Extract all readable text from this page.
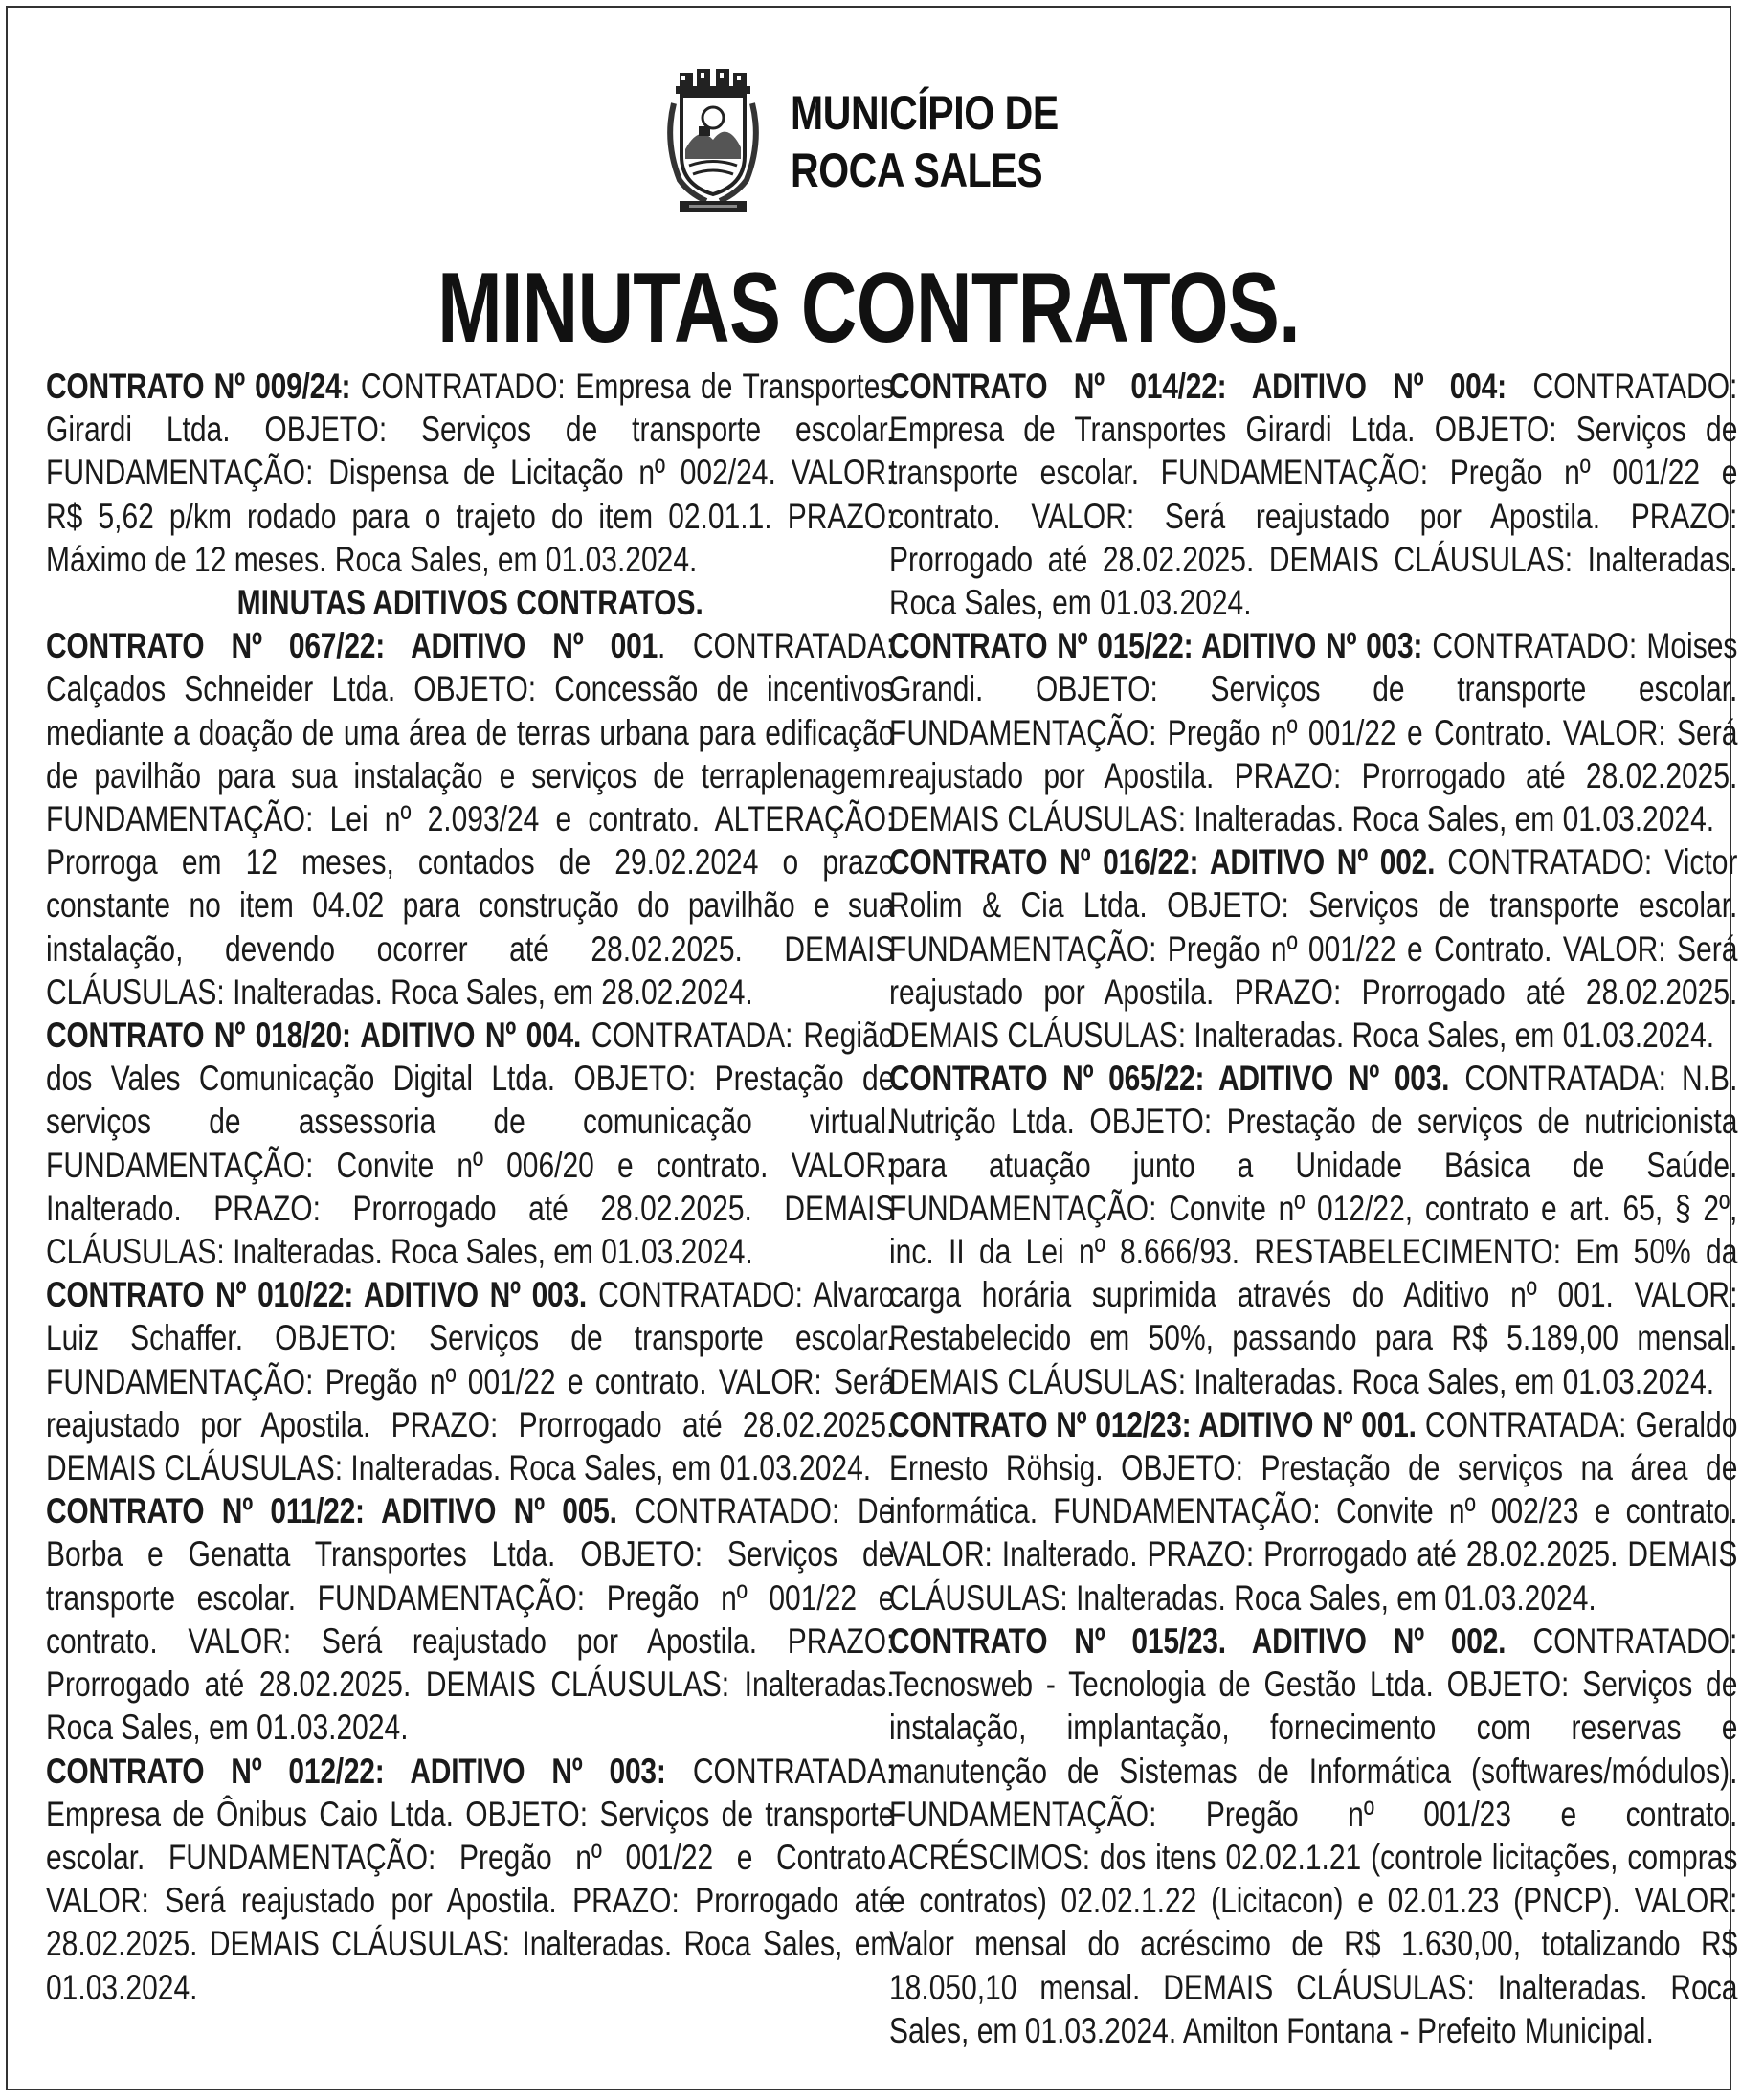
MUNICÍPIO DE
ROCA SALES
MINUTAS CONTRATOS.

CONTRATO Nº 009/24: CONTRATADO: Empresa de Transportes Girardi Ltda. OBJETO: Serviços de transporte escolar. FUNDAMENTAÇÃO: Dispensa de Licitação nº 002/24. VALOR: R$ 5,62 p/km rodado para o trajeto do item 02.01.1. PRAZO: Máximo de 12 meses. Roca Sales, em 01.03.2024.

MINUTAS ADITIVOS CONTRATOS.

CONTRATO Nº 067/22: ADITIVO Nº 001. CONTRATADA: Calçados Schneider Ltda. OBJETO: Concessão de incentivos mediante a doação de uma área de terras urbana para edificação de pavilhão para sua instalação e serviços de terraplenagem. FUNDAMENTAÇÃO: Lei nº 2.093/24 e contrato. ALTERAÇÃO: Prorroga em 12 meses, contados de 29.02.2024 o prazo constante no item 04.02 para construção do pavilhão e sua instalação, devendo ocorrer até 28.02.2025. DEMAIS CLÁUSULAS: Inalteradas. Roca Sales, em 28.02.2024.

CONTRATO Nº 018/20: ADITIVO Nº 004. CONTRATADA: Região dos Vales Comunicação Digital Ltda. OBJETO: Prestação de serviços de assessoria de comunicação virtual. FUNDAMENTAÇÃO: Convite nº 006/20 e contrato. VALOR: Inalterado. PRAZO: Prorrogado até 28.02.2025. DEMAIS CLÁUSULAS: Inalteradas. Roca Sales, em 01.03.2024.

CONTRATO Nº 010/22: ADITIVO Nº 003. CONTRATADO: Alvaro Luiz Schaffer. OBJETO: Serviços de transporte escolar. FUNDAMENTAÇÃO: Pregão nº 001/22 e contrato. VALOR: Será reajustado por Apostila. PRAZO: Prorrogado até 28.02.2025. DEMAIS CLÁUSULAS: Inalteradas. Roca Sales, em 01.03.2024.

CONTRATO Nº 011/22: ADITIVO Nº 005. CONTRATADO: De Borba e Genatta Transportes Ltda. OBJETO: Serviços de transporte escolar. FUNDAMENTAÇÃO: Pregão nº 001/22 e contrato. VALOR: Será reajustado por Apostila. PRAZO: Prorrogado até 28.02.2025. DEMAIS CLÁUSULAS: Inalteradas. Roca Sales, em 01.03.2024.

CONTRATO Nº 012/22: ADITIVO Nº 003: CONTRATADA: Empresa de Ônibus Caio Ltda. OBJETO: Serviços de transporte escolar. FUNDAMENTAÇÃO: Pregão nº 001/22 e Contrato. VALOR: Será reajustado por Apostila. PRAZO: Prorrogado até 28.02.2025. DEMAIS CLÁUSULAS: Inalteradas. Roca Sales, em 01.03.2024.

CONTRATO Nº 014/22: ADITIVO Nº 004: CONTRATADO: Empresa de Transportes Girardi Ltda. OBJETO: Serviços de transporte escolar. FUNDAMENTAÇÃO: Pregão nº 001/22 e contrato. VALOR: Será reajustado por Apostila. PRAZO: Prorrogado até 28.02.2025. DEMAIS CLÁUSULAS: Inalteradas. Roca Sales, em 01.03.2024.

CONTRATO Nº 015/22: ADITIVO Nº 003: CONTRATADO: Moises Grandi. OBJETO: Serviços de transporte escolar. FUNDAMENTAÇÃO: Pregão nº 001/22 e Contrato. VALOR: Será reajustado por Apostila. PRAZO: Prorrogado até 28.02.2025. DEMAIS CLÁUSULAS: Inalteradas. Roca Sales, em 01.03.2024.

CONTRATO Nº 016/22: ADITIVO Nº 002. CONTRATADO: Victor Rolim & Cia Ltda. OBJETO: Serviços de transporte escolar. FUNDAMENTAÇÃO: Pregão nº 001/22 e Contrato. VALOR: Será reajustado por Apostila. PRAZO: Prorrogado até 28.02.2025. DEMAIS CLÁUSULAS: Inalteradas. Roca Sales, em 01.03.2024.

CONTRATO Nº 065/22: ADITIVO Nº 003. CONTRATADA: N.B. Nutrição Ltda. OBJETO: Prestação de serviços de nutricionista para atuação junto a Unidade Básica de Saúde. FUNDAMENTAÇÃO: Convite nº 012/22, contrato e art. 65, § 2º, inc. II da Lei nº 8.666/93. RESTABELECIMENTO: Em 50% da carga horária suprimida através do Aditivo nº 001. VALOR: Restabelecido em 50%, passando para R$ 5.189,00 mensal. DEMAIS CLÁUSULAS: Inalteradas. Roca Sales, em 01.03.2024.

CONTRATO Nº 012/23: ADITIVO Nº 001. CONTRATADA: Geraldo Ernesto Röhsig. OBJETO: Prestação de serviços na área de informática. FUNDAMENTAÇÃO: Convite nº 002/23 e contrato. VALOR: Inalterado. PRAZO: Prorrogado até 28.02.2025. DEMAIS CLÁUSULAS: Inalteradas. Roca Sales, em 01.03.2024.

CONTRATO Nº 015/23. ADITIVO Nº 002. CONTRATADO: Tecnosweb - Tecnologia de Gestão Ltda. OBJETO: Serviços de instalação, implantação, fornecimento com reservas e manutenção de Sistemas de Informática (softwares/módulos). FUNDAMENTAÇÃO: Pregão nº 001/23 e contrato. ACRÉSCIMOS: dos itens 02.02.1.21 (controle licitações, compras e contratos) 02.02.1.22 (Licitacon) e 02.01.23 (PNCP). VALOR: Valor mensal do acréscimo de R$ 1.630,00, totalizando R$ 18.050,10 mensal. DEMAIS CLÁUSULAS: Inalteradas. Roca Sales, em 01.03.2024. Amilton Fontana - Prefeito Municipal.
